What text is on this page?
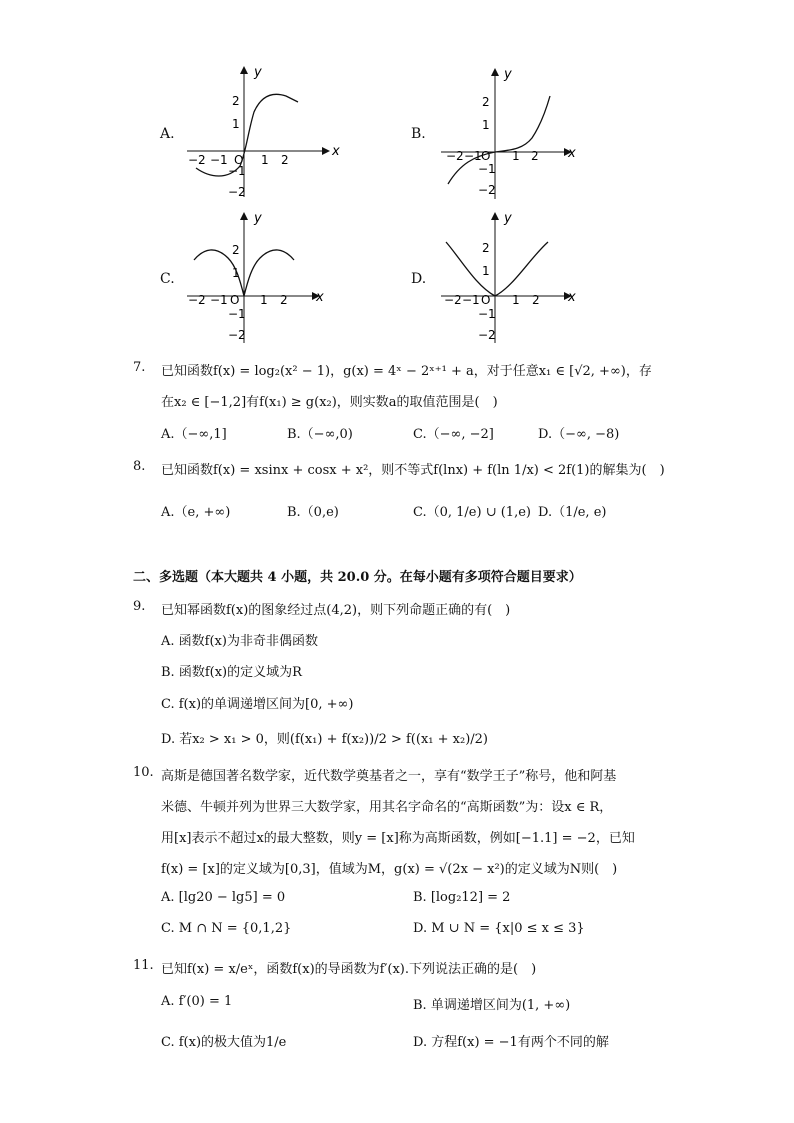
A.
x
y
O
−2 −1	1 2
2
1
−1
−2
B.
x
y
O
−2 −1	1 2
2
1
−1
−2
C.
x
y
O
−2 −1	1 2
2
1
−1
−2
D.
x
y
O
−2 −1	1 2
2
1
−1
−2
7. 已知函数f(x) = log₂(x² − 1)，g(x) = 4ˣ − 2ˣ⁺¹ + a，对于任意x₁ ∈ [√2, +∞)，存
在x₂ ∈ [−1,2]有f(x₁) ≥ g(x₂)，则实数a的取值范围是(　)
A.（−∞,1]	B.（−∞,0)	C.（−∞, −2]	D.（−∞, −8)
8. 已知函数f(x) = xsinx + cosx + x²，则不等式f(lnx) + f(ln 1/x) < 2f(1)的解集为(　)
A.（e, +∞)	B.（0,e)	C.（0, 1/e) ∪ (1,e) D.（1/e, e)
二、多选题（本大题共 4 小题，共 20.0 分。在每小题有多项符合题目要求）
9. 已知幂函数f(x)的图象经过点(4,2)，则下列命题正确的有(　)
A. 函数f(x)为非奇非偶函数
B. 函数f(x)的定义域为R
C. f(x)的单调递增区间为[0, +∞)
D. 若x₂ > x₁ > 0，则(f(x₁) + f(x₂))/2 > f((x₁ + x₂)/2)
10. 高斯是德国著名数学家，近代数学奠基者之一，享有“数学王子”称号，他和阿基
米德、牛顿并列为世界三大数学家，用其名字命名的“高斯函数”为：设x ∈ R，
用[x]表示不超过x的最大整数，则y = [x]称为高斯函数，例如[−1.1] = −2，已知
f(x) = [x]的定义域为[0,3]，值域为M，g(x) = √(2x − x²)的定义域为N则(　)
A. [lg20 − lg5] = 0	B. [log₂12] = 2
C. M ∩ N = {0,1,2}	D. M ∪ N = {x|0 ≤ x ≤ 3}
11. 已知f(x) = x/eˣ，函数f(x)的导函数为f′(x).下列说法正确的是(　)
A. f′(0) = 1	B. 单调递增区间为(1, +∞)
C. f(x)的极大值为1/e	D. 方程f(x) = −1有两个不同的解
